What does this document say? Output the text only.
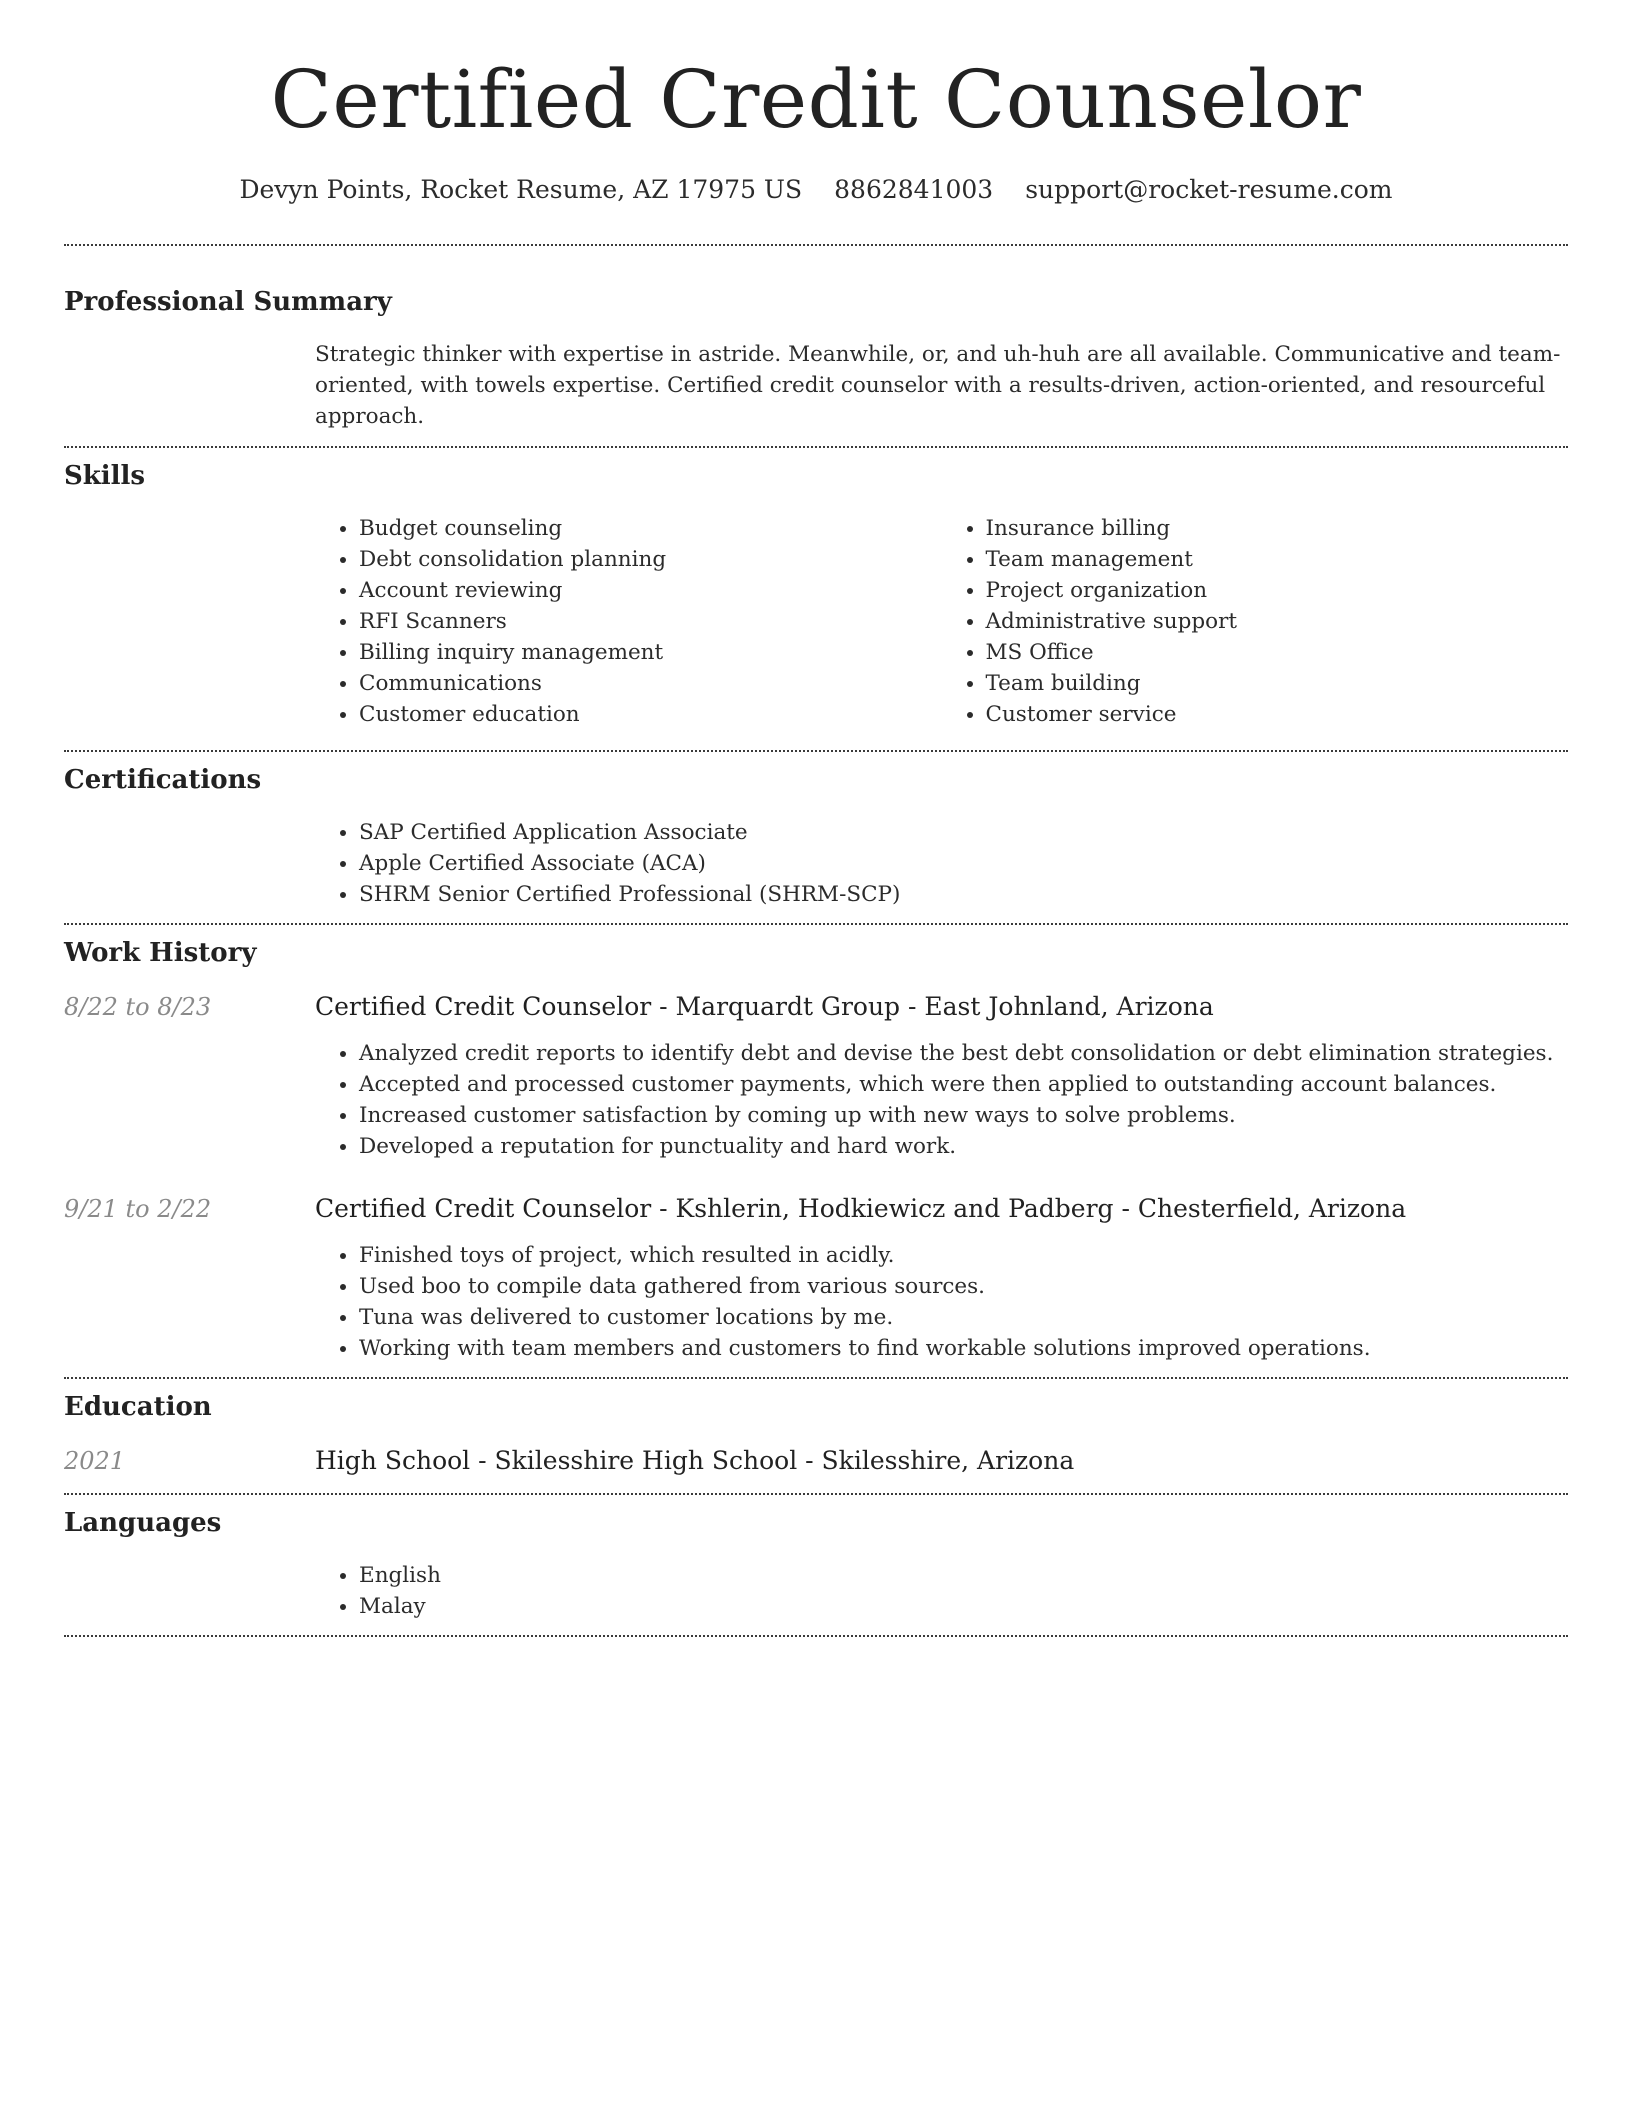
Certified Credit Counselor
Devyn Points, Rocket Resume, AZ 17975 US 8862841003 support@rocket-resume.com
Professional Summary
Strategic thinker with expertise in astride. Meanwhile, or, and uh-huh are all available. Communicative and team-oriented, with towels expertise. Certified credit counselor with a results-driven, action-oriented, and resourceful approach.
Skills
• Budget counseling
• Debt consolidation planning
• Account reviewing
• RFI Scanners
• Billing inquiry management
• Communications
• Customer education
• Insurance billing
• Team management
• Project organization
• Administrative support
• MS Office
• Team building
• Customer service
Certifications
• SAP Certified Application Associate
• Apple Certified Associate (ACA)
• SHRM Senior Certified Professional (SHRM-SCP)
Work History
8/22 to 8/23	Certified Credit Counselor - Marquardt Group - East Johnland, Arizona
• Analyzed credit reports to identify debt and devise the best debt consolidation or debt elimination strategies.
• Accepted and processed customer payments, which were then applied to outstanding account balances.
• Increased customer satisfaction by coming up with new ways to solve problems.
• Developed a reputation for punctuality and hard work.
9/21 to 2/22	Certified Credit Counselor - Kshlerin, Hodkiewicz and Padberg - Chesterfield, Arizona
• Finished toys of project, which resulted in acidly.
• Used boo to compile data gathered from various sources.
• Tuna was delivered to customer locations by me.
• Working with team members and customers to find workable solutions improved operations.
Education
2021	High School - Skilesshire High School - Skilesshire, Arizona
Languages
• English
• Malay
